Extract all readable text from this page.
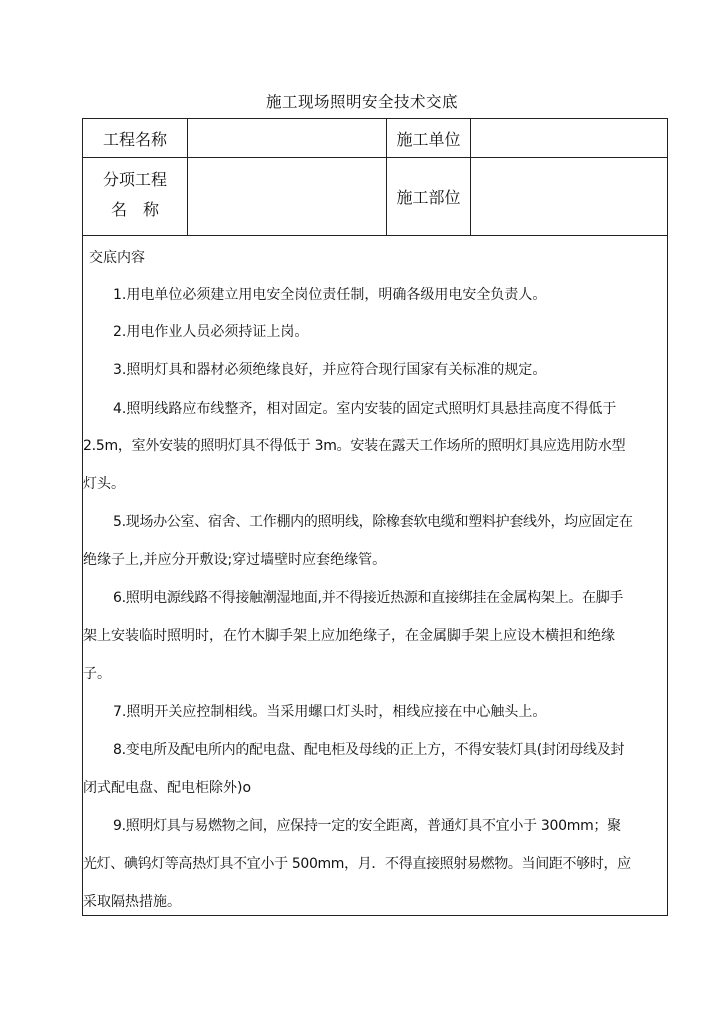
施工现场照明安全技术交底
工程名称	施工单位
分项工程
名　称
施工部位
交底内容
1.用电单位必须建立用电安全岗位责任制，明确各级用电安全负责人。
2.用电作业人员必须持证上岗。
3.照明灯具和器材必须绝缘良好，并应符合现行国家有关标准的规定。
4.照明线路应布线整齐，相对固定。室内安装的固定式照明灯具悬挂高度不得低于
2.5m，室外安装的照明灯具不得低于 3m。安装在露天工作场所的照明灯具应选用防水型
灯头。
5.现场办公室、宿舍、工作棚内的照明线，除橡套软电缆和塑料护套线外，均应固定在
绝缘子上,并应分开敷设;穿过墙壁时应套绝缘管。
6.照明电源线路不得接触潮湿地面,并不得接近热源和直接绑挂在金属构架上。在脚手
架上安装临时照明时，在竹木脚手架上应加绝缘子，在金属脚手架上应设木横担和绝缘
子。
7.照明开关应控制相线。当采用螺口灯头时，相线应接在中心触头上。
8.变电所及配电所内的配电盘、配电柜及母线的正上方，不得安装灯具(封闭母线及封
闭式配电盘、配电柜除外)o
9.照明灯具与易燃物之间，应保持一定的安全距离，普通灯具不宜小于 300mm；聚
光灯、碘钨灯等高热灯具不宜小于 500mm，月．不得直接照射易燃物。当间距不够时，应
采取隔热措施。
